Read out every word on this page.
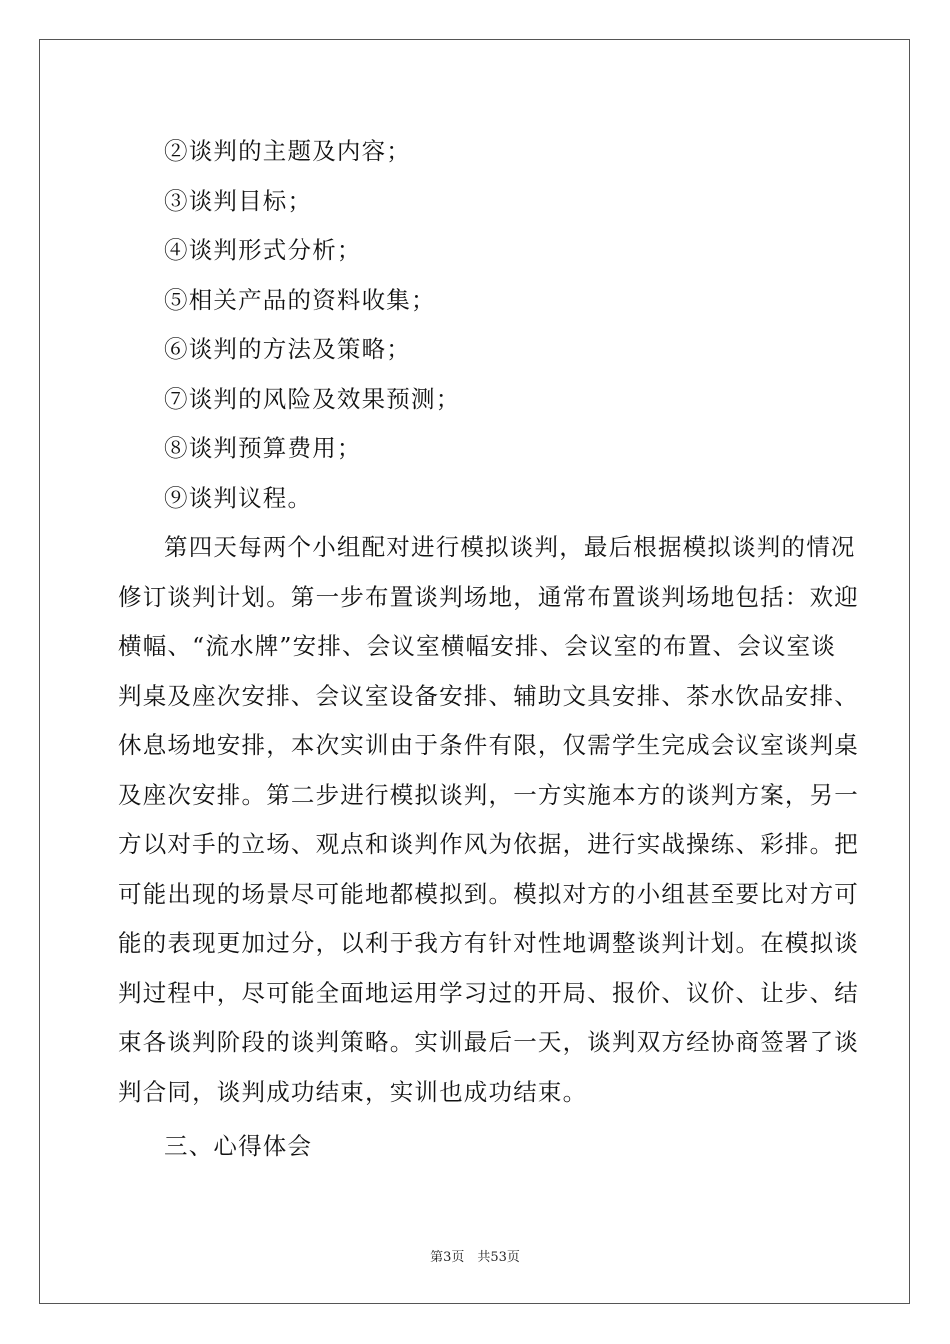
②谈判的主题及内容；
③谈判目标；
④谈判形式分析；
⑤相关产品的资料收集；
⑥谈判的方法及策略；
⑦谈判的风险及效果预测；
⑧谈判预算费用；
⑨谈判议程。
第四天每两个小组配对进行模拟谈判，最后根据模拟谈判的情况
修订谈判计划。第一步布置谈判场地，通常布置谈判场地包括：欢迎
横幅、“流水牌”安排、会议室横幅安排、会议室的布置、会议室谈
判桌及座次安排、会议室设备安排、辅助文具安排、茶水饮品安排、
休息场地安排，本次实训由于条件有限，仅需学生完成会议室谈判桌
及座次安排。第二步进行模拟谈判，一方实施本方的谈判方案，另一
方以对手的立场、观点和谈判作风为依据，进行实战操练、彩排。把
可能出现的场景尽可能地都模拟到。模拟对方的小组甚至要比对方可
能的表现更加过分，以利于我方有针对性地调整谈判计划。在模拟谈
判过程中，尽可能全面地运用学习过的开局、报价、议价、让步、结
束各谈判阶段的谈判策略。实训最后一天，谈判双方经协商签署了谈
判合同，谈判成功结束，实训也成功结束。
三、心得体会
第3页　共53页
